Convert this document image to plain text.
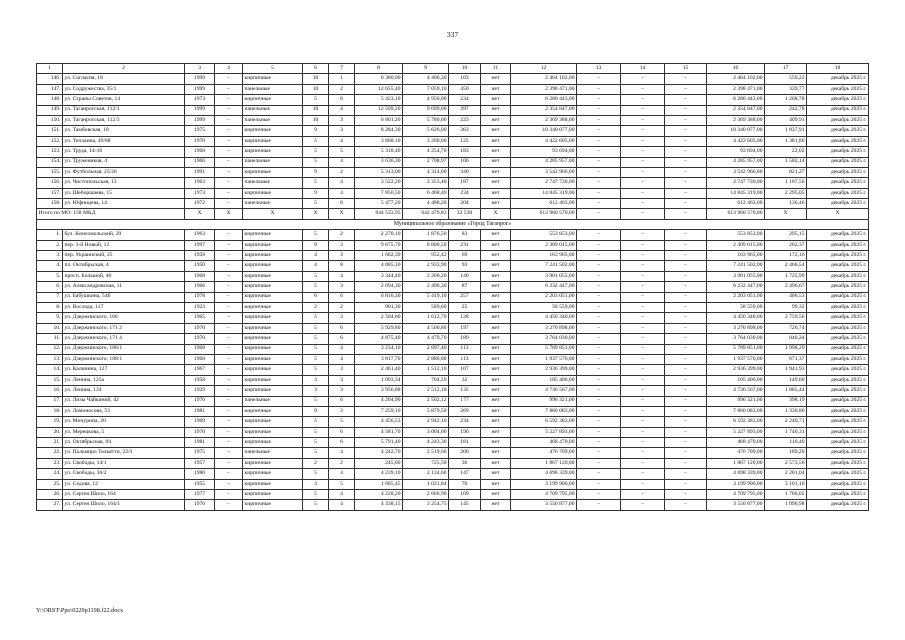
337
1	2	3	4	5	6	7	8	9	10	11	12	13	14	15	16	17	18
146.	ул. Согласия, 18	1999	–	кирпичные	10	1	6 380,00	4 406,30	103	нет	2 464 102,00	–	–	–	2 464 102,00	559,22	декабрь 2025 г.
147.	ул. Содружества, 35/1	1999	–	панельные	10	2	12 655,40	7 059,10	450	нет	2 398 471,00	–	–	–	2 398 471,00	339,77	декабрь 2025 г.
148.	ул. Страны Советов, 14	1973	–	кирпичные	5	6	5 423,10	4 950,00	234	нет	6 280 443,00	–	–	–	6 280 443,00	1 268,78	декабрь 2025 г.
149.	ул. Таганрогская, 112/1	1999	–	панельные	10	4	12 509,20	9 699,60	397	нет	2 354 847,00	–	–	–	2 354 847,00	242,78	декабрь 2025 г.
150.	ул. Таганрогская, 112/3	1999	–	панельные	10	3	6 801,20	5 780,00	223	нет	2 369 388,00	–	–	–	2 369 388,00	409,93	декабрь 2025 г.
151.	ул. Тамбовская, 18	1975	–	кирпичные	9	3	8 284,30	5 626,00	363	нет	10 340 077,00	–	–	–	10 340 077,00	1 837,91	декабрь 2025 г.
152.	ул. Теплаина, 49/68	1970	–	кирпичные	5	4	3 868,10	3 200,60	125	нет	4 422 605,00	–	–	–	4 422 605,00	1 381,80	декабрь 2025 г.
153.	ул. Труда, 14-16	1968	–	кирпичные	5	5	5 318,40	4 254,70	183	нет	93 694,00	–	–	–	93 694,00	22,02	декабрь 2025 г.
154.	ул. Тружеников, 4	1966	–	панельные	5	4	3 636,30	2 708,97	106	нет	4 285 957,00	–	–	–	4 285 957,00	1 582,14	декабрь 2025 г.
155.	ул. Футбольная, 25/26	1991	–	кирпичные	9	2	5 313,00	4 314,00	340	нет	3 542 966,00	–	–	–	3 542 966,00	821,27	декабрь 2025 г.
156.	ул. Чистопольская, 13	1963	–	панельные	5	4	3 522,20	2 353,40	187	нет	2 747 730,00	–	–	–	2 747 730,00	1 167,56	декабрь 2025 г.
157.	ул. Шеборшаева, 15	1973	–	кирпичные	9	4	7 856,50	6 468,40	234	нет	14 845 319,00	–	–	–	14 845 319,00	2 295,05	декабрь 2025 г.
158.	ул. Юфницева, 14	1972	–	панельные	5	6	5 477,20	4 488,20	204	нет	612 463,00	–	–	–	612 463,00	136,46	декабрь 2025 г.
Итого по МО: 158 МКД		X	X	X	X	X	844 533,95	642 479,83	32 530	X	613 960 570,00	–	–	–	613 960 570,00	X	X
Муниципальное образование «Город Таганрог»																	
1.	бул. Комсомольский, 29	1963	–	кирпичные	5	2	2 270,10	1 876,50	83	нет	553 853,00	–	–	–	553 853,00	295,15	декабрь 2025 г.
2.	пер. 1-й Новый, 12	1997	–	кирпичные	9	3	9 675,70	8 800,50	231	нет	2 309 015,00	–	–	–	2 309 015,00	262,37	декабрь 2025 г.
3.	пер. Украинский, 25	1958	–	кирпичные	4	3	1 682,39	952,42	69	нет	163 965,00	–	–	–	163 965,00	172,16	декабрь 2025 г.
4.	пл. Октябрьская, 4	1950	–	кирпичные	4	8	4 085,10	2 933,90	93	нет	7 241 502,00	–	–	–	7 241 502,00	2 466,54	декабрь 2025 г.
5.	просп. Большой, 40	1968	–	кирпичные	5	4	3 344,40	2 260,20	146	нет	3 901 055,00	–	–	–	3 901 055,00	1 725,99	декабрь 2025 г.
6.	ул. Александровская, 11	1966	–	кирпичные	5	3	2 694,30	2 496,30	87	нет	6 232 447,00	–	–	–	6 232 447,00	2 496,67	декабрь 2025 г.
7.	ул. Бабушкина, 54б	1978	–	кирпичные	6	6	6 816,30	5 419,10	257	нет	2 203 051,00	–	–	–	2 203 051,00	406,53	декабрь 2025 г.
8.	ул. Восхода, 117	1923	–	кирпичные	2	2	901,30	589,60	25	нет	58 559,00	–	–	–	58 559,00	99,32	декабрь 2025 г.
9.	ул. Дзержинского, 166	1965	–	кирпичные	5	3	2 504,60	1 612,70	128	нет	4 450 340,00	–	–	–	4 450 340,00	2 759,56	декабрь 2025 г.
10.	ул. Дзержинского, 171 2	1970	–	кирпичные	5	6	5 929,80	4 500,80	197	нет	3 270 898,00	–	–	–	3 270 898,00	726,74	декабрь 2025 г.
11.	ул. Дзержинского, 171 4	1970	–	кирпичные	5	6	4 875,40	4 479,70	189	нет	3 764 030,00	–	–	–	3 764 030,00	840,24	декабрь 2025 г.
12.	ул. Дзержинского, 186/1	1968	–	кирпичные	5	4	3 234,10	2 897,40	113	нет	5 789 851,00	–	–	–	5 789 851,00	1 998,29	декабрь 2025 г.
13.	ул. Дзержинского, 188/1	1968	–	кирпичные	5	4	3 817,70	2 886,00	113	нет	1 937 576,00	–	–	–	1 937 576,00	671,37	декабрь 2025 г.
14.	ул. Калинина, 127	1967	–	кирпичные	5	3	2 461,40	1 512,10	107	нет	2 936 399,00	–	–	–	2 936 399,00	1 941,93	декабрь 2025 г.
15.	ул. Ленина, 125а	1958	–	кирпичные	3	3	1 093,34	704,59	32	нет	105 406,00	–	–	–	105 406,00	149,60	декабрь 2025 г.
16.	ул. Ленина, 134	1929	–	кирпичные	3	3	3 956,88	2 512,18	135	нет	4 736 567,00	–	–	–	4 736 567,00	1 885,44	декабрь 2025 г.
17.	ул. Лизы Чайкиной, 42	1976	–	панельные	5	6	4 204,90	2 502,12	177	нет	996 321,00	–	–	–	996 321,00	398,19	декабрь 2025 г.
18.	ул. Ломоносова, 53	1981	–	кирпичные	9	3	7 259,10	5 879,50	269	нет	7 860 083,00	–	–	–	7 860 083,00	1 336,86	декабрь 2025 г.
19.	ул. Мичурина, 20	1969	–	кирпичные	5	5	4 456,53	2 942,10	234	нет	6 592 383,00	–	–	–	6 592 383,00	2 240,71	декабрь 2025 г.
20.	ул. Мерецкова, 5	1970	–	кирпичные	5	6	4 581,70	3 004,00	190	нет	5 227 893,00	–	–	–	5 227 893,00	1 740,31	декабрь 2025 г.
21.	ул. Октябрьская, 84	1981	–	кирпичные	5	6	5 791,40	4 243,30	181	нет	468 470,00	–	–	–	468 470,00	110,40	декабрь 2025 г.
22.	ул. Пальмиро Тольятти, 22/3	1975	–	панельные	5	4	4 242,70	2 519,60	200	нет	476 709,00	–	–	–	476 709,00	189,20	декабрь 2025 г.
23.	ул. Свободы, 14/1	1957	–	кирпичные	2	2	245,00	725,50	36	нет	1 867 120,00	–	–	–	1 867 120,00	2 573,56	декабрь 2025 г.
24.	ул. Свободы, 36/2	1980	–	кирпичные	5	4	4 239,10	2 134,60	147	нет	4 698 339,00	–	–	–	4 698 339,00	2 201,04	декабрь 2025 г.
25.	ул. Седова, 12	1955	–	кирпичные	3	5	1 685,45	1 031,84	70	нет	3 199 906,00	–	–	–	3 199 906,00	3 101,16	декабрь 2025 г.
26.	ул. Сергея Шило, 164	1977	–	кирпичные	5	4	4 228,20	2 666,90	109	нет	4 709 795,00	–	–	–	4 709 795,00	1 766,02	декабрь 2025 г.
27.	ул. Сергея Шило, 164/1	1976	–	кирпичные	5	4	4 338,15	3 254,75	145	нет	3 550 877,00	–	–	–	3 550 877,00	1 090,98	декабрь 2025 г.
Y:\ORST\Ppo\0229p1198.f22.docx
